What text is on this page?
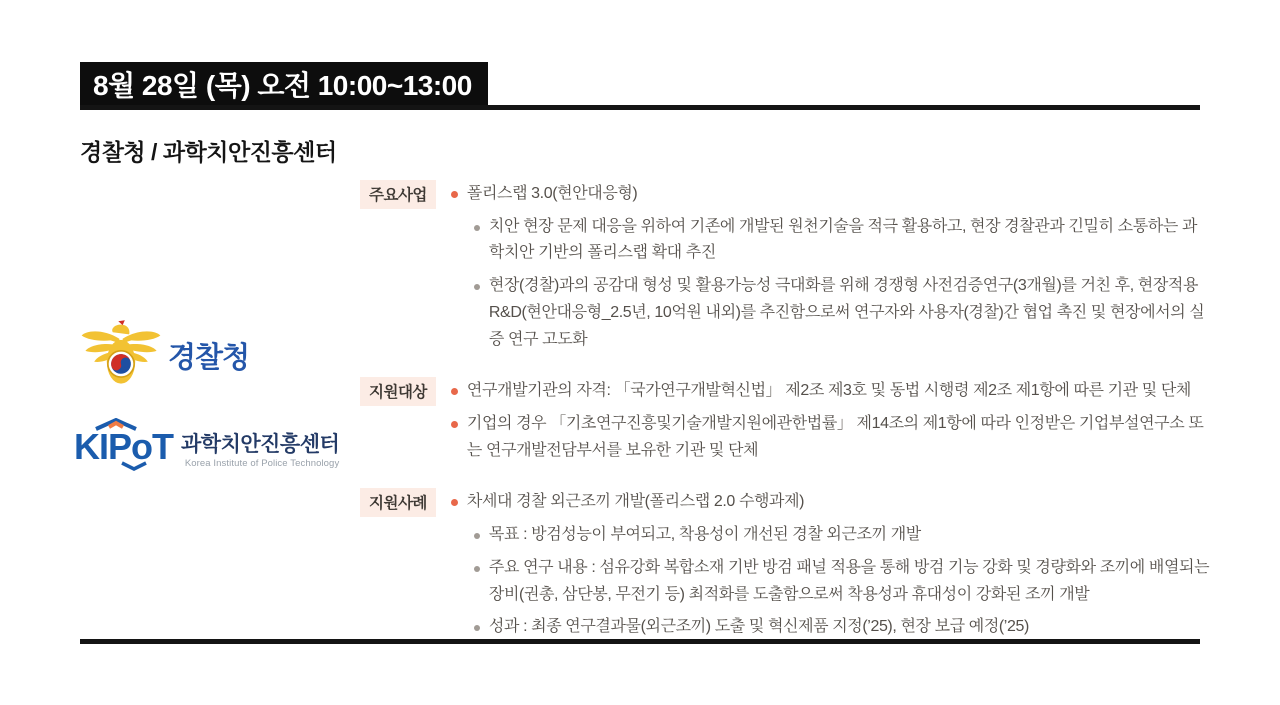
8월 28일 (목) 오전 10:00~13:00
경찰청 / 과학치안진흥센터
경찰청
KIPoT 과학치안진흥센터
Korea Institute of Police Technology
주요사업	폴리스랩 3.0(현안대응형)
치안 현장 문제 대응을 위하여 기존에 개발된 원천기술을 적극 활용하고, 현장 경찰관과 긴밀히 소통하는 과학치안 기반의 폴리스랩 확대 추진
현장(경찰)과의 공감대 형성 및 활용가능성 극대화를 위해 경쟁형 사전검증연구(3개월)를 거친 후, 현장적용 R&D(현안대응형_2.5년, 10억원 내외)를 추진함으로써 연구자와 사용자(경찰)간 협업 촉진 및 현장에서의 실증 연구 고도화
지원대상	연구개발기관의 자격: 「국가연구개발혁신법」 제2조 제3호 및 동법 시행령 제2조 제1항에 따른 기관 및 단체
기업의 경우 「기초연구진흥및기술개발지원에관한법률」 제14조의 제1항에 따라 인정받은 기업부설연구소 또는 연구개발전담부서를 보유한 기관 및 단체
지원사례	차세대 경찰 외근조끼 개발(폴리스랩 2.0 수행과제)
목표 : 방검성능이 부여되고, 착용성이 개선된 경찰 외근조끼 개발
주요 연구 내용 : 섬유강화 복합소재 기반 방검 패널 적용을 통해 방검 기능 강화 및 경량화와 조끼에 배열되는 장비(권총, 삼단봉, 무전기 등) 최적화를 도출함으로써 착용성과 휴대성이 강화된 조끼 개발
성과 : 최종 연구결과물(외근조끼) 도출 및 혁신제품 지정(’25), 현장 보급 예정(’25)
